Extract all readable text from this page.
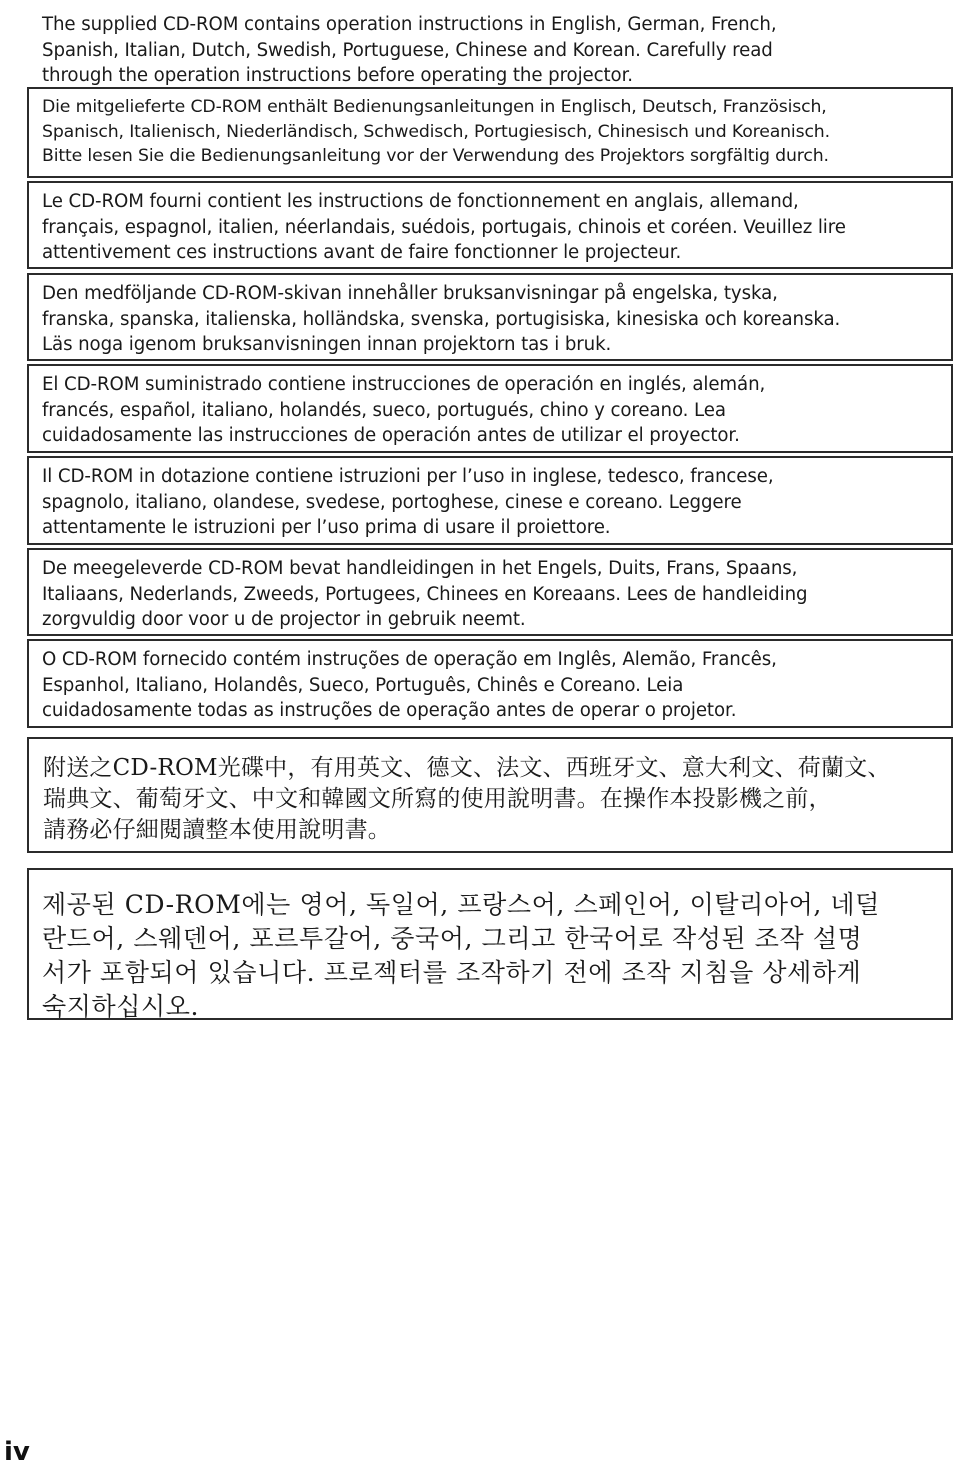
The supplied CD-ROM contains operation instructions in English, German, French,
Spanish, Italian, Dutch, Swedish, Portuguese, Chinese and Korean. Carefully read
through the operation instructions before operating the projector.

Die mitgelieferte CD-ROM enthält Bedienungsanleitungen in Englisch, Deutsch, Französisch,
Spanisch, Italienisch, Niederländisch, Schwedisch, Portugiesisch, Chinesisch und Koreanisch.
Bitte lesen Sie die Bedienungsanleitung vor der Verwendung des Projektors sorgfältig durch.

Le CD-ROM fourni contient les instructions de fonctionnement en anglais, allemand,
français, espagnol, italien, néerlandais, suédois, portugais, chinois et coréen. Veuillez lire
attentivement ces instructions avant de faire fonctionner le projecteur.

Den medföljande CD-ROM-skivan innehåller bruksanvisningar på engelska, tyska,
franska, spanska, italienska, holländska, svenska, portugisiska, kinesiska och koreanska.
Läs noga igenom bruksanvisningen innan projektorn tas i bruk.

El CD-ROM suministrado contiene instrucciones de operación en inglés, alemán,
francés, español, italiano, holandés, sueco, portugués, chino y coreano. Lea
cuidadosamente las instrucciones de operación antes de utilizar el proyector.

Il CD-ROM in dotazione contiene istruzioni per l’uso in inglese, tedesco, francese,
spagnolo, italiano, olandese, svedese, portoghese, cinese e coreano. Leggere
attentamente le istruzioni per l’uso prima di usare il proiettore.

De meegeleverde CD-ROM bevat handleidingen in het Engels, Duits, Frans, Spaans,
Italiaans, Nederlands, Zweeds, Portugees, Chinees en Koreaans. Lees de handleiding
zorgvuldig door voor u de projector in gebruik neemt.

O CD-ROM fornecido contém instruções de operação em Inglês, Alemão, Francês,
Espanhol, Italiano, Holandês, Sueco, Português, Chinês e Coreano. Leia
cuidadosamente todas as instruções de operação antes de operar o projetor.

附送之CD-ROM光碟中，有用英文、德文、法文、西班牙文、意大利文、荷蘭文、
瑞典文、葡萄牙文、中文和韓國文所寫的使用說明書。在操作本投影機之前，
請務必仔細閱讀整本使用說明書。

제공된 CD-ROM에는 영어, 독일어, 프랑스어, 스페인어, 이탈리아어, 네덜
란드어, 스웨덴어, 포르투갈어, 중국어, 그리고 한국어로 작성된 조작 설명
서가 포함되어 있습니다. 프로젝터를 조작하기 전에 조작 지침을 상세하게
숙지하십시오.

iv
